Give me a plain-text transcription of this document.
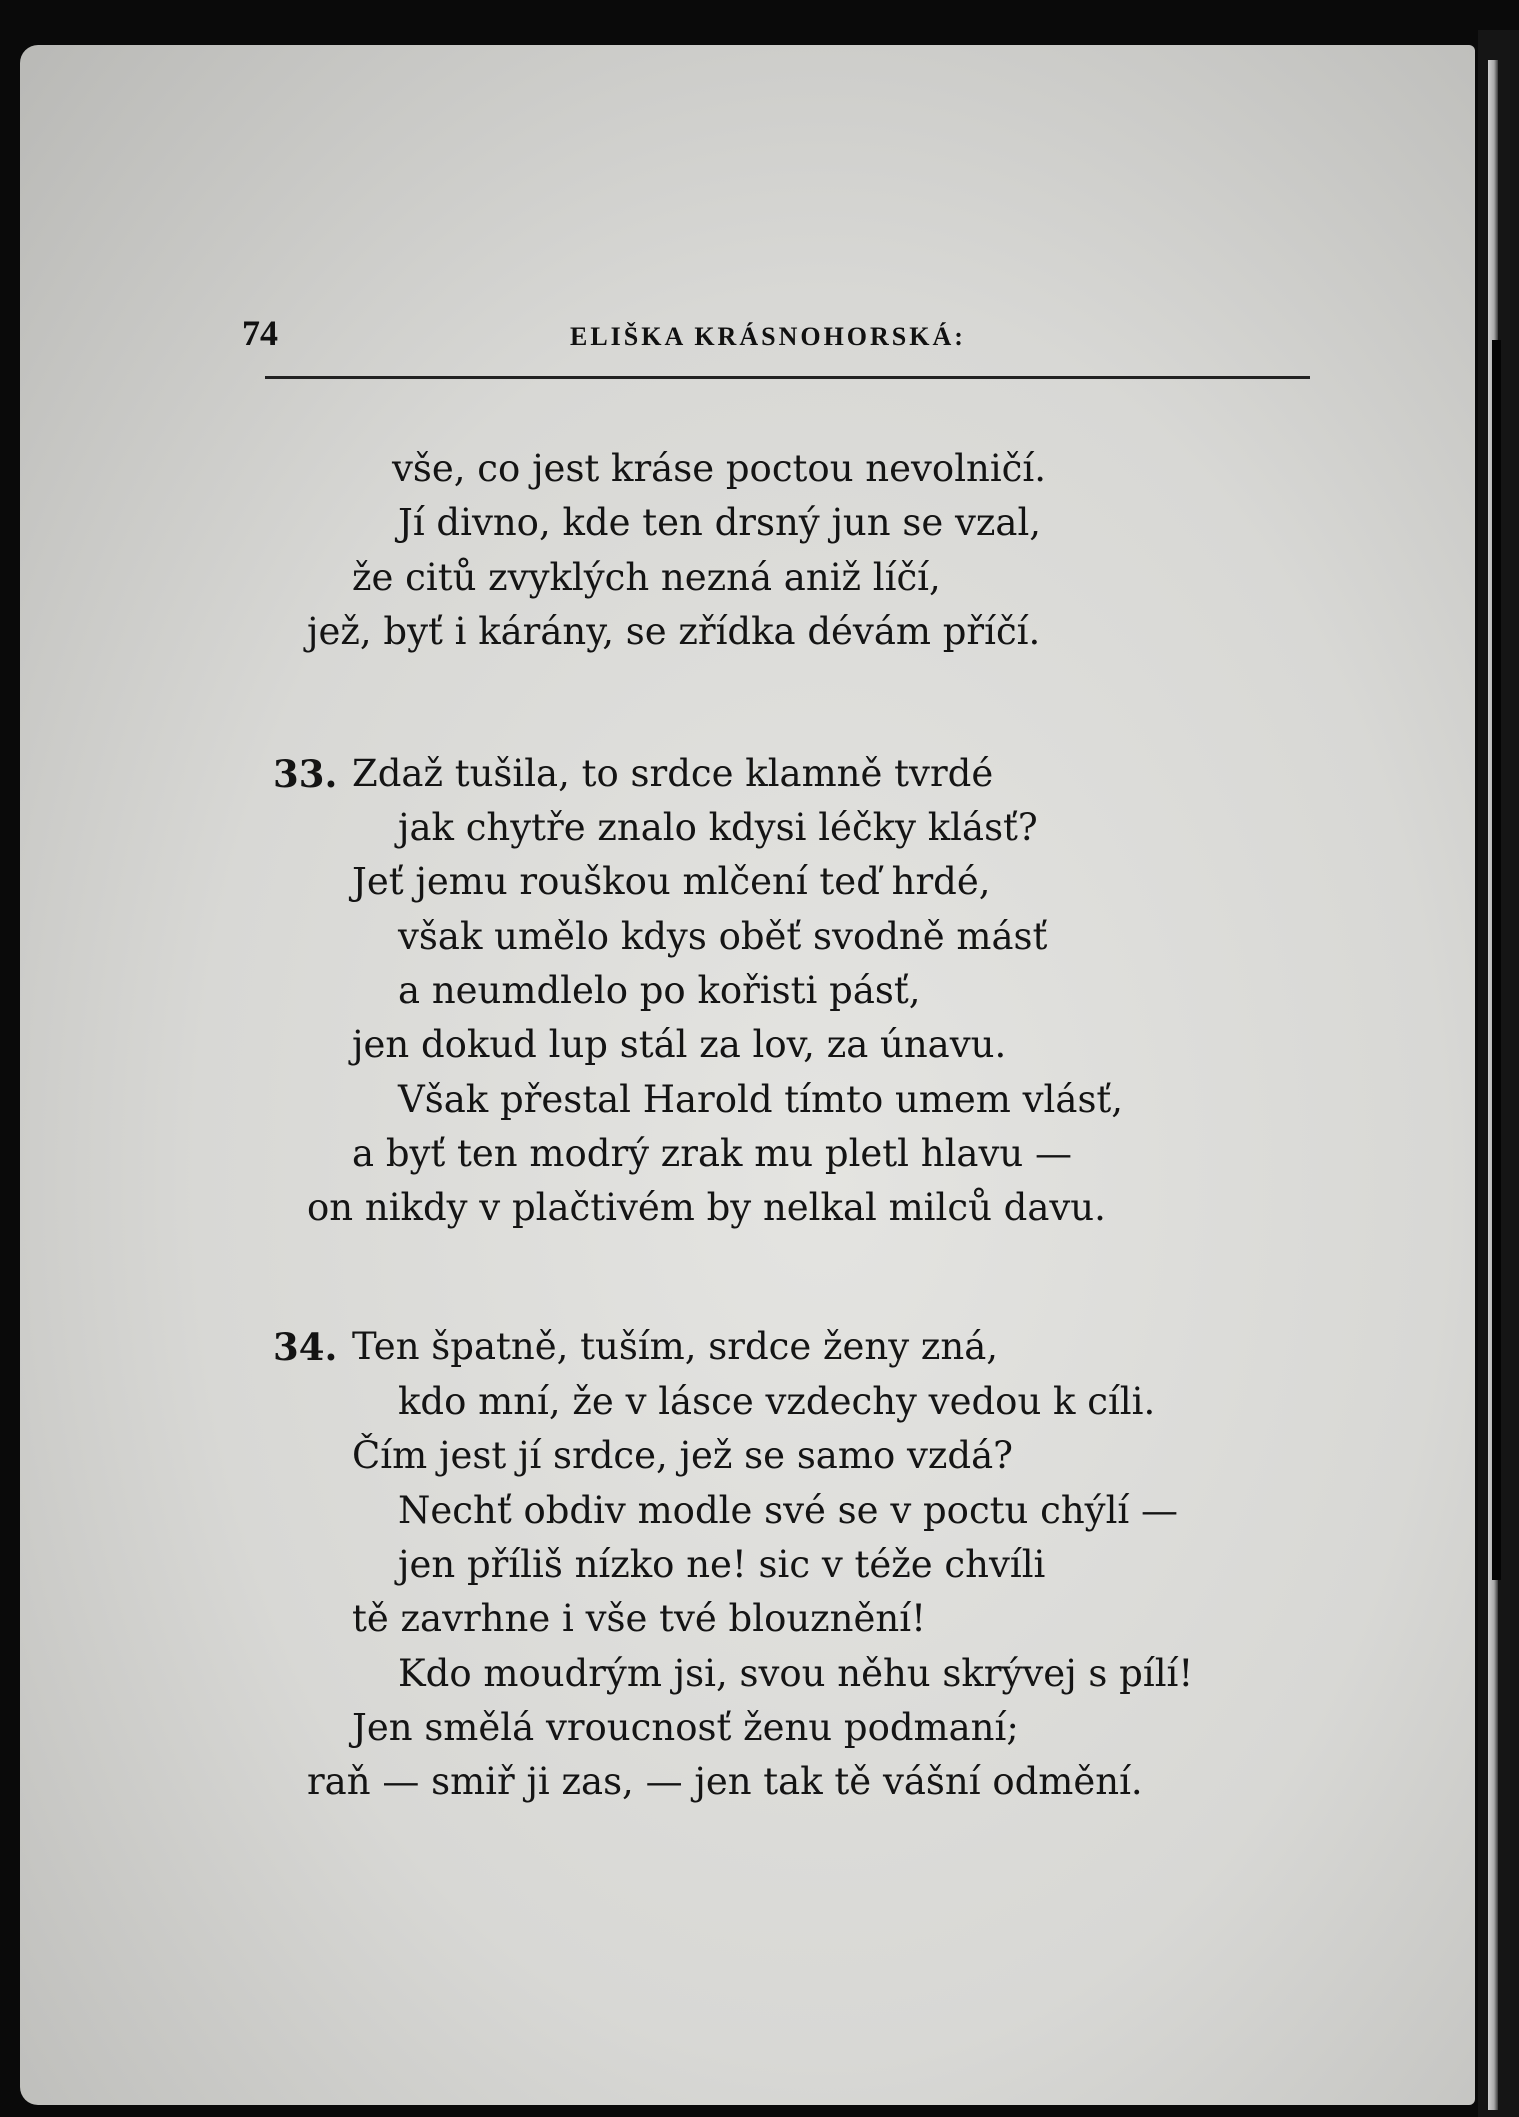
74	ELIŠKA KRÁSNOHORSKÁ:
vše, co jest kráse poctou nevolničí.
Jí divno, kde ten drsný jun se vzal,
že citů zvyklých nezná aniž líčí,
jež, byť i kárány, se zřídka dévám příčí.
33. Zdaž tušila, to srdce klamně tvrdé
jak chytře znalo kdysi léčky klásť?
Jeť jemu rouškou mlčení teď hrdé,
však umělo kdys oběť svodně másť
a neumdlelo po kořisti pásť,
jen dokud lup stál za lov, za únavu.
Však přestal Harold tímto umem vlásť,
a byť ten modrý zrak mu pletl hlavu —
on nikdy v plačtivém by nelkal milců davu.
34. Ten špatně, tuším, srdce ženy zná,
kdo mní, že v lásce vzdechy vedou k cíli.
Čím jest jí srdce, jež se samo vzdá?
Nechť obdiv modle své se v poctu chýlí —
jen příliš nízko ne! sic v téže chvíli
tě zavrhne i vše tvé blouznění!
Kdo moudrým jsi, svou něhu skrývej s pílí!
Jen smělá vroucnosť ženu podmaní;
raň — smiř ji zas, — jen tak tě vášní odmění.
